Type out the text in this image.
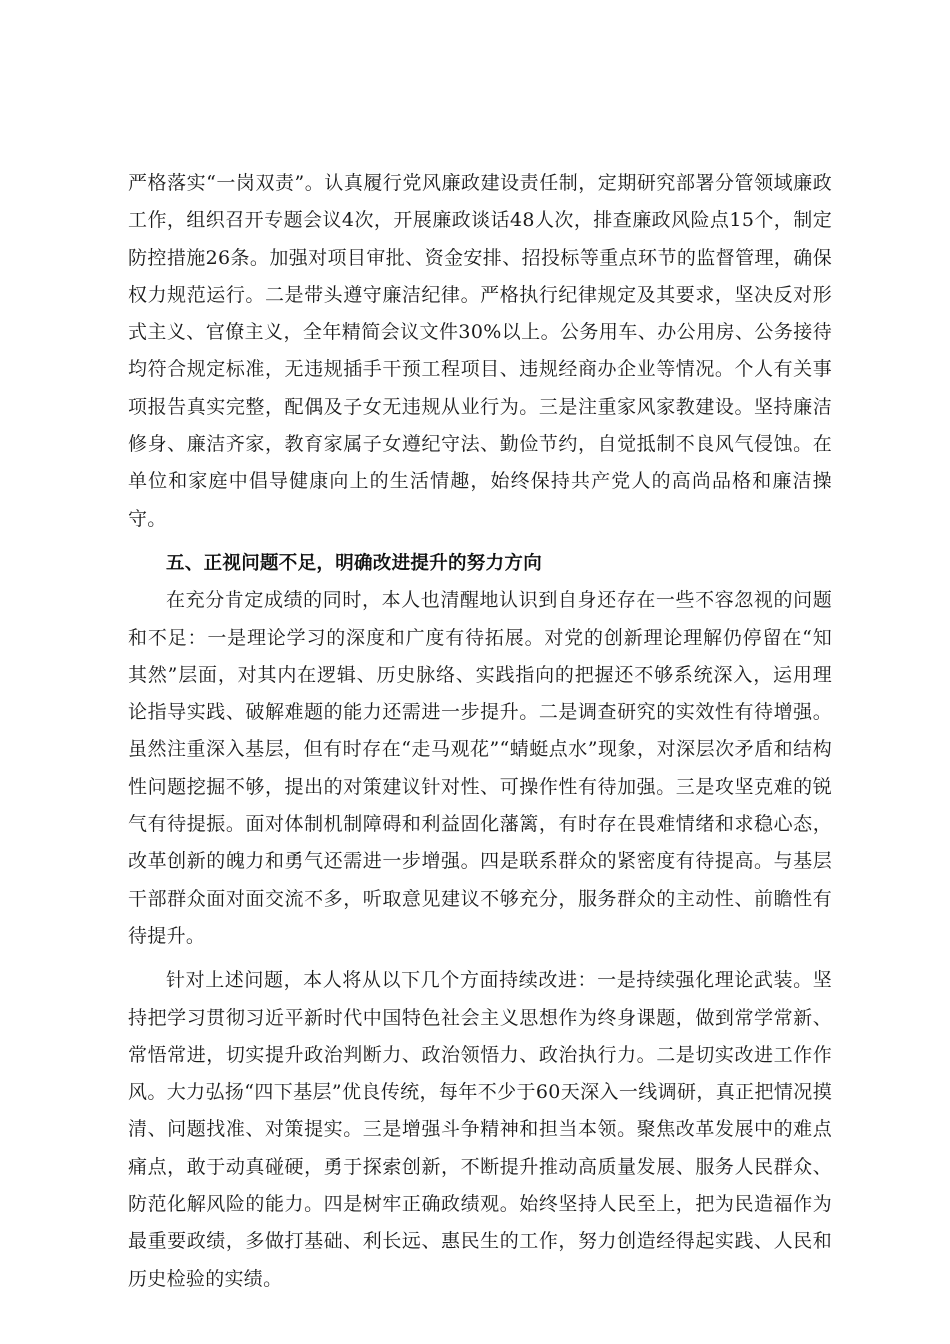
严格落实“一岗双责”。认真履行党风廉政建设责任制，定期研究部署分管领域廉政工作，组织召开专题会议4次，开展廉政谈话48人次，排查廉政风险点15个，制定防控措施26条。加强对项目审批、资金安排、招投标等重点环节的监督管理，确保权力规范运行。二是带头遵守廉洁纪律。严格执行纪律规定及其要求，坚决反对形式主义、官僚主义，全年精简会议文件30%以上。公务用车、办公用房、公务接待均符合规定标准，无违规插手干预工程项目、违规经商办企业等情况。个人有关事项报告真实完整，配偶及子女无违规从业行为。三是注重家风家教建设。坚持廉洁修身、廉洁齐家，教育家属子女遵纪守法、勤俭节约，自觉抵制不良风气侵蚀。在单位和家庭中倡导健康向上的生活情趣，始终保持共产党人的高尚品格和廉洁操守。

五、正视问题不足，明确改进提升的努力方向

在充分肯定成绩的同时，本人也清醒地认识到自身还存在一些不容忽视的问题和不足：一是理论学习的深度和广度有待拓展。对党的创新理论理解仍停留在“知其然”层面，对其内在逻辑、历史脉络、实践指向的把握还不够系统深入，运用理论指导实践、破解难题的能力还需进一步提升。二是调查研究的实效性有待增强。虽然注重深入基层，但有时存在“走马观花”“蜻蜓点水”现象，对深层次矛盾和结构性问题挖掘不够，提出的对策建议针对性、可操作性有待加强。三是攻坚克难的锐气有待提振。面对体制机制障碍和利益固化藩篱，有时存在畏难情绪和求稳心态，改革创新的魄力和勇气还需进一步增强。四是联系群众的紧密度有待提高。与基层干部群众面对面交流不多，听取意见建议不够充分，服务群众的主动性、前瞻性有待提升。

针对上述问题，本人将从以下几个方面持续改进：一是持续强化理论武装。坚持把学习贯彻习近平新时代中国特色社会主义思想作为终身课题，做到常学常新、常悟常进，切实提升政治判断力、政治领悟力、政治执行力。二是切实改进工作作风。大力弘扬“四下基层”优良传统，每年不少于60天深入一线调研，真正把情况摸清、问题找准、对策提实。三是增强斗争精神和担当本领。聚焦改革发展中的难点痛点，敢于动真碰硬，勇于探索创新，不断提升推动高质量发展、服务人民群众、防范化解风险的能力。四是树牢正确政绩观。始终坚持人民至上，把为民造福作为最重要政绩，多做打基础、利长远、惠民生的工作，努力创造经得起实践、人民和历史检验的实绩。
